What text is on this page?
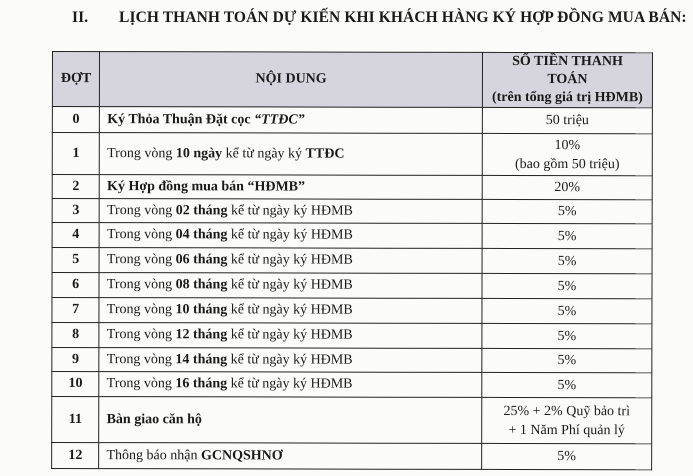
II. LỊCH THANH TOÁN DỰ KIẾN KHI KHÁCH HÀNG KÝ HỢP ĐỒNG MUA BÁN:
ĐỢT	NỘI DUNG	SỐ TIỀN THANH TOÁN
(trên tổng giá trị HĐMB)

0	Ký Thỏa Thuận Đặt cọc “TTĐC”	50 triệu

1	Trong vòng 10 ngày kể từ ngày ký TTĐC	10%
(bao gồm 50 triệu)

2	Ký Hợp đồng mua bán “HĐMB”	20%

3	Trong vòng 02 tháng kể từ ngày ký HĐMB	5%

4	Trong vòng 04 tháng kể từ ngày ký HĐMB	5%

5	Trong vòng 06 tháng kể từ ngày ký HĐMB	5%

6	Trong vòng 08 tháng kể từ ngày ký HĐMB	5%

7	Trong vòng 10 tháng kể từ ngày ký HĐMB	5%

8	Trong vòng 12 tháng kể từ ngày ký HĐMB	5%

9	Trong vòng 14 tháng kể từ ngày ký HĐMB	5%

10	Trong vòng 16 tháng kể từ ngày ký HĐMB	5%

11	Bàn giao căn hộ	25% + 2% Quỹ bảo trì
+ 1 Năm Phí quản lý

12	Thông báo nhận GCNQSHNƠ	5%
